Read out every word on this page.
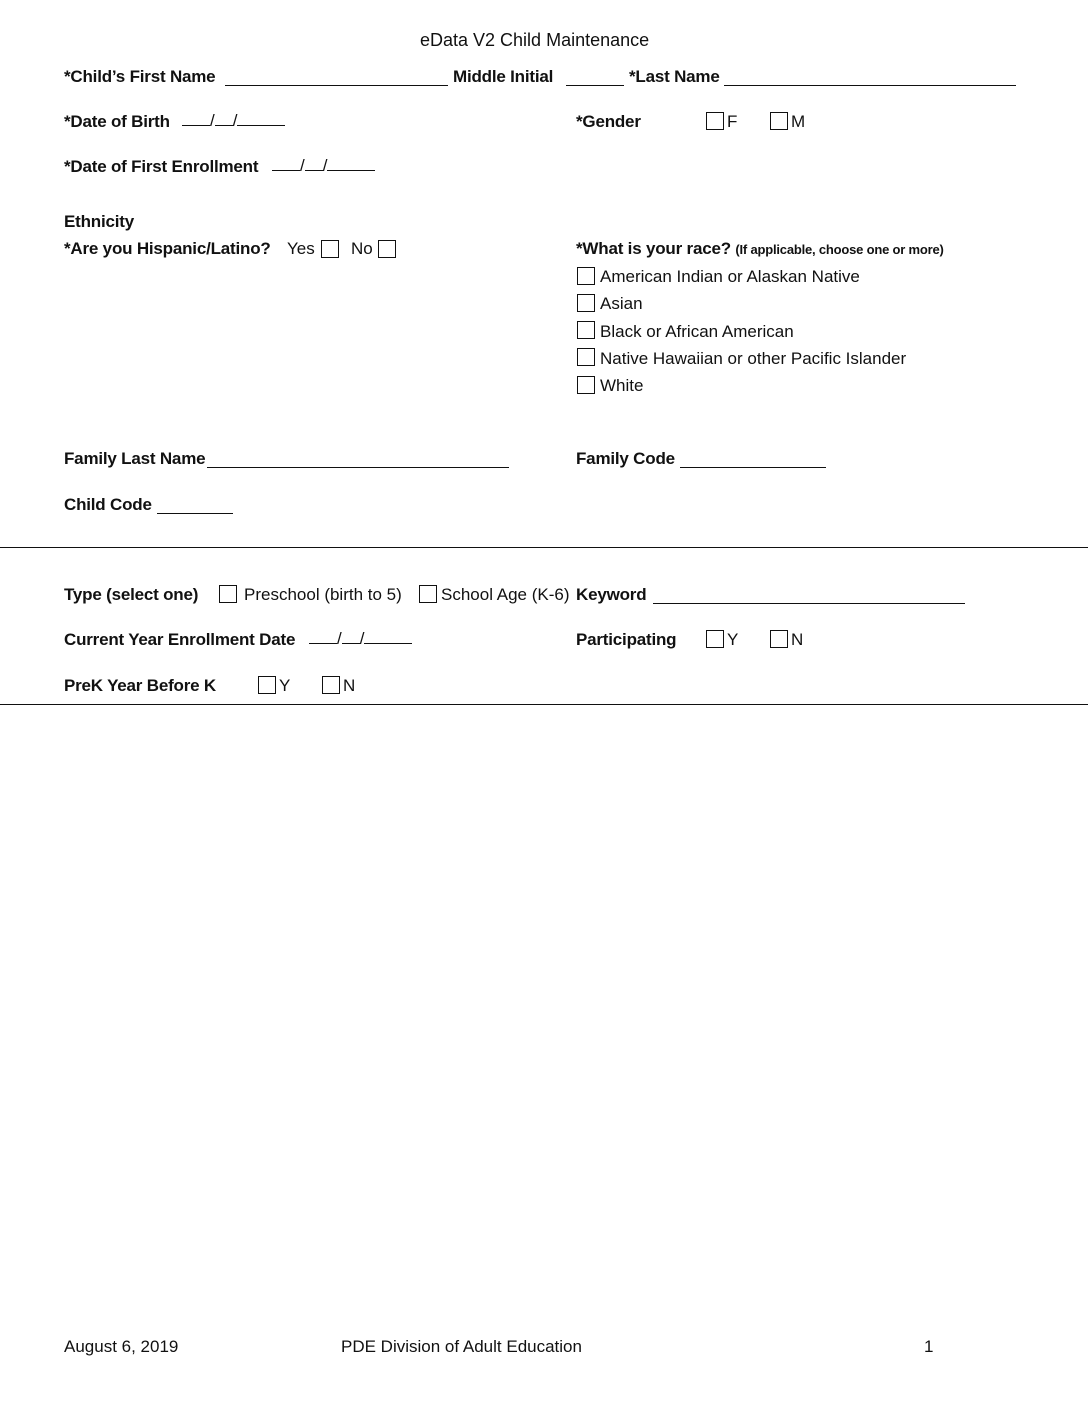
eData V2 Child Maintenance
*Child’s First Name	Middle Initial	*Last Name
*Date of Birth	/ /	*Gender	F	M
*Date of First Enrollment	/ /
Ethnicity
*Are you Hispanic/Latino? Yes No	*What is your race? (If applicable, choose one or more)
American Indian or Alaskan Native
Asian
Black or African American
Native Hawaiian or other Pacific Islander
White
Family Last Name	Family Code
Child Code
Type (select one)	Preschool (birth to 5) School Age (K-6) Keyword
Current Year Enrollment Date	/ /	Participating	Y	N
PreK Year Before K	Y	N
August 6, 2019	PDE Division of Adult Education	1
